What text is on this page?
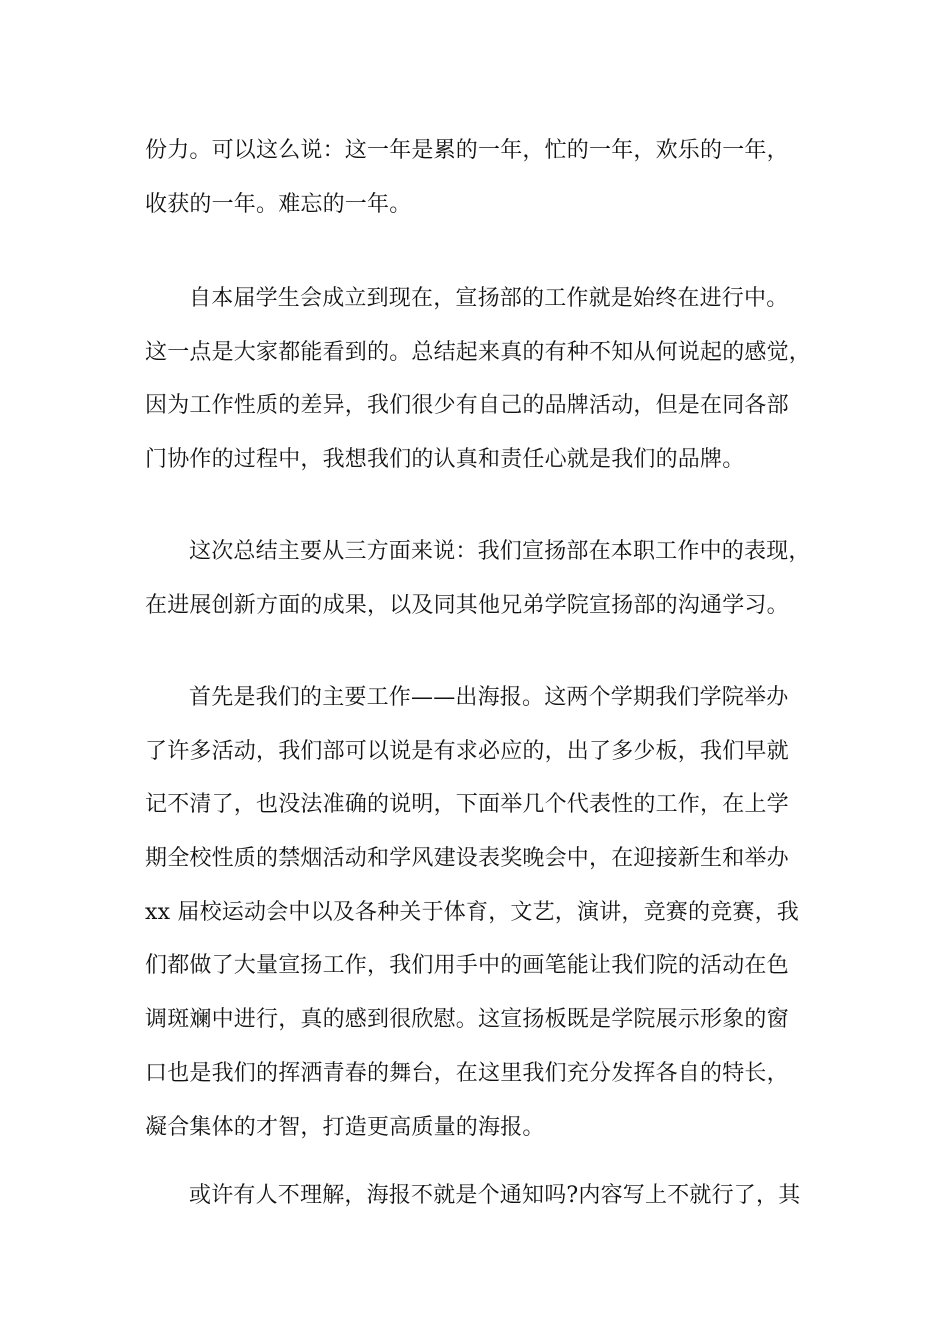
份力。可以这么说：这一年是累的一年，忙的一年，欢乐的一年，
收获的一年。难忘的一年。
自本届学生会成立到现在，宣扬部的工作就是始终在进行中。
这一点是大家都能看到的。总结起来真的有种不知从何说起的感觉，
因为工作性质的差异，我们很少有自己的品牌活动，但是在同各部
门协作的过程中，我想我们的认真和责任心就是我们的品牌。
这次总结主要从三方面来说：我们宣扬部在本职工作中的表现，
在进展创新方面的成果，以及同其他兄弟学院宣扬部的沟通学习。
首先是我们的主要工作——出海报。这两个学期我们学院举办
了许多活动，我们部可以说是有求必应的，出了多少板，我们早就
记不清了，也没法准确的说明，下面举几个代表性的工作，在上学
期全校性质的禁烟活动和学风建设表奖晚会中，在迎接新生和举办
xx 届校运动会中以及各种关于体育，文艺，演讲，竞赛的竞赛，我
们都做了大量宣扬工作，我们用手中的画笔能让我们院的活动在色
调斑斓中进行，真的感到很欣慰。这宣扬板既是学院展示形象的窗
口也是我们的挥洒青春的舞台，在这里我们充分发挥各自的特长，
凝合集体的才智，打造更高质量的海报。
或许有人不理解，海报不就是个通知吗?内容写上不就行了，其
